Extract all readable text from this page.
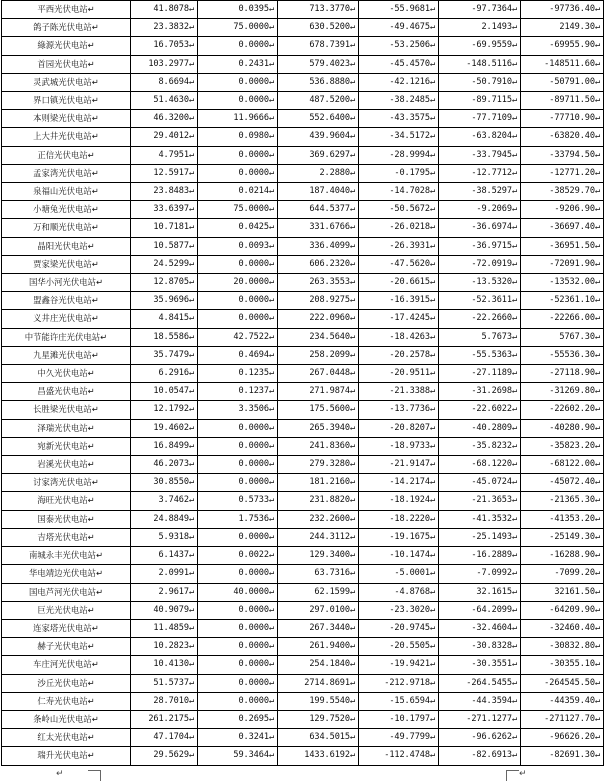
平西光伏电站↵	41.8078↵	0.0395↵	713.3770↵	-55.9681↵	-97.7364↵	-97736.40↵
鸽子陈光伏电站↵	23.3832↵	75.0000↵	630.5200↵	-49.4675↵	2.1493↵	2149.30↵
綠源光伏电站↵	16.7053↵	0.0000↵	678.7391↵	-53.2506↵	-69.9559↵	-69955.90↵
首园光伏电站↵	103.2977↵	0.2431↵	579.4023↵	-45.4570↵	-148.5116↵	-148511.60↵
灵武城光伏电站↵	8.6694↵	0.0000↵	536.8880↵	-42.1216↵	-50.7910↵	-50791.00↵
界口镇光伏电站↵	51.4630↵	0.0000↵	487.5200↵	-38.2485↵	-89.7115↵	-89711.50↵
本则梁光伏电站↵	46.3200↵	11.9666↵	552.6400↵	-43.3575↵	-77.7109↵	-77710.90↵
上大井光伏电站↵	29.4012↵	0.0980↵	439.9604↵	-34.5172↵	-63.8204↵	-63820.40↵
正信光伏电站↵	4.7951↵	0.0000↵	369.6297↵	-28.9994↵	-33.7945↵	-33794.50↵
孟家湾光伏电站↵	12.5917↵	0.0000↵	2.2880↵	-0.1795↵	-12.7712↵	-12771.20↵
泉福山光伏电站↵	23.8483↵	0.0214↵	187.4040↵	-14.7028↵	-38.5297↵	-38529.70↵
小塘兔光伏电站↵	33.6397↵	75.0000↵	644.5377↵	-50.5672↵	-9.2069↵	-9206.90↵
万和顺光伏电站↵	10.7181↵	0.0425↵	331.6766↵	-26.0218↵	-36.6974↵	-36697.40↵
晶阳光伏电站↵	10.5877↵	0.0093↵	336.4099↵	-26.3931↵	-36.9715↵	-36951.50↵
贾家梁光伏电站↵	24.5299↵	0.0000↵	606.2320↵	-47.5620↵	-72.0919↵	-72091.90↵
国华小河光伏电站↵	12.8705↵	20.0000↵	263.3553↵	-20.6615↵	-13.5320↵	-13532.00↵
盟鑫谷光伏电站↵	35.9696↵	0.0000↵	208.9275↵	-16.3915↵	-52.3611↵	-52361.10↵
义井庄光伏电站↵	4.8415↵	0.0000↵	222.0960↵	-17.4245↵	-22.2660↵	-22266.00↵
中节能许庄光伏电站↵	18.5586↵	42.7522↵	234.5640↵	-18.4263↵	5.7673↵	5767.30↵
九星滩光伏电站↵	35.7479↵	0.4694↵	258.2099↵	-20.2578↵	-55.5363↵	-55536.30↵
中久光伏电站↵	6.2916↵	0.1235↵	267.0448↵	-20.9511↵	-27.1189↵	-27118.90↵
昌盛光伏电站↵	10.0547↵	0.1237↵	271.9874↵	-21.3388↵	-31.2698↵	-31269.80↵
长胜梁光伏电站↵	12.1792↵	3.3506↵	175.5600↵	-13.7736↵	-22.6022↵	-22602.20↵
泽瑞光伏电站↵	19.4602↵	0.0000↵	265.3940↵	-20.8207↵	-40.2809↵	-40280.90↵
宛新光伏电站↵	16.8499↵	0.0000↵	241.8360↵	-18.9733↵	-35.8232↵	-35823.20↵
岩溪光伏电站↵	46.2073↵	0.0000↵	279.3280↵	-21.9147↵	-68.1220↵	-68122.00↵
讨家湾光伏电站↵	30.8550↵	0.0000↵	181.2160↵	-14.2174↵	-45.0724↵	-45072.40↵
海旺光伏电站↵	3.7462↵	0.5733↵	231.8820↵	-18.1924↵	-21.3653↵	-21365.30↵
国泰光伏电站↵	24.8849↵	1.7536↵	232.2600↵	-18.2220↵	-41.3532↵	-41353.20↵
吉塔光伏电站↵	5.9318↵	0.0000↵	244.3112↵	-19.1675↵	-25.1493↵	-25149.30↵
南城永丰光伏电站↵	6.1437↵	0.0022↵	129.3400↵	-10.1474↵	-16.2889↵	-16288.90↵
华电靖边光伏电站↵	2.0991↵	0.0000↵	63.7316↵	-5.0001↵	-7.0992↵	-7099.20↵
国电芦河光伏电站↵	2.9617↵	40.0000↵	62.1599↵	-4.8768↵	32.1615↵	32161.50↵
巨光光伏电站↵	40.9079↵	0.0000↵	297.0100↵	-23.3020↵	-64.2099↵	-64209.90↵
连家塔光伏电站↵	11.4859↵	0.0000↵	267.3440↵	-20.9745↵	-32.4604↵	-32460.40↵
赫子光伏电站↵	10.2823↵	0.0000↵	261.9400↵	-20.5505↵	-30.8328↵	-30832.80↵
车庄河光伏电站↵	10.4130↵	0.0000↵	254.1840↵	-19.9421↵	-30.3551↵	-30355.10↵
沙丘光伏电站↵	51.5737↵	0.0000↵	2714.8691↵	-212.9718↵	-264.5455↵	-264545.50↵
仁寿光伏电站↵	28.7010↵	0.0000↵	199.5540↵	-15.6594↵	-44.3594↵	-44359.40↵
条岭山光伏电站↵	261.2175↵	0.2695↵	129.7520↵	-10.1797↵	-271.1277↵	-271127.70↵
红太光伏电站↵	47.1704↵	0.3241↵	634.5015↵	-49.7799↵	-96.6262↵	-96626.20↵
瑞升光伏电站↵	29.5629↵	59.3464↵	1433.6192↵	-112.4748↵	-82.6913↵	-82691.30↵
↵	↵
